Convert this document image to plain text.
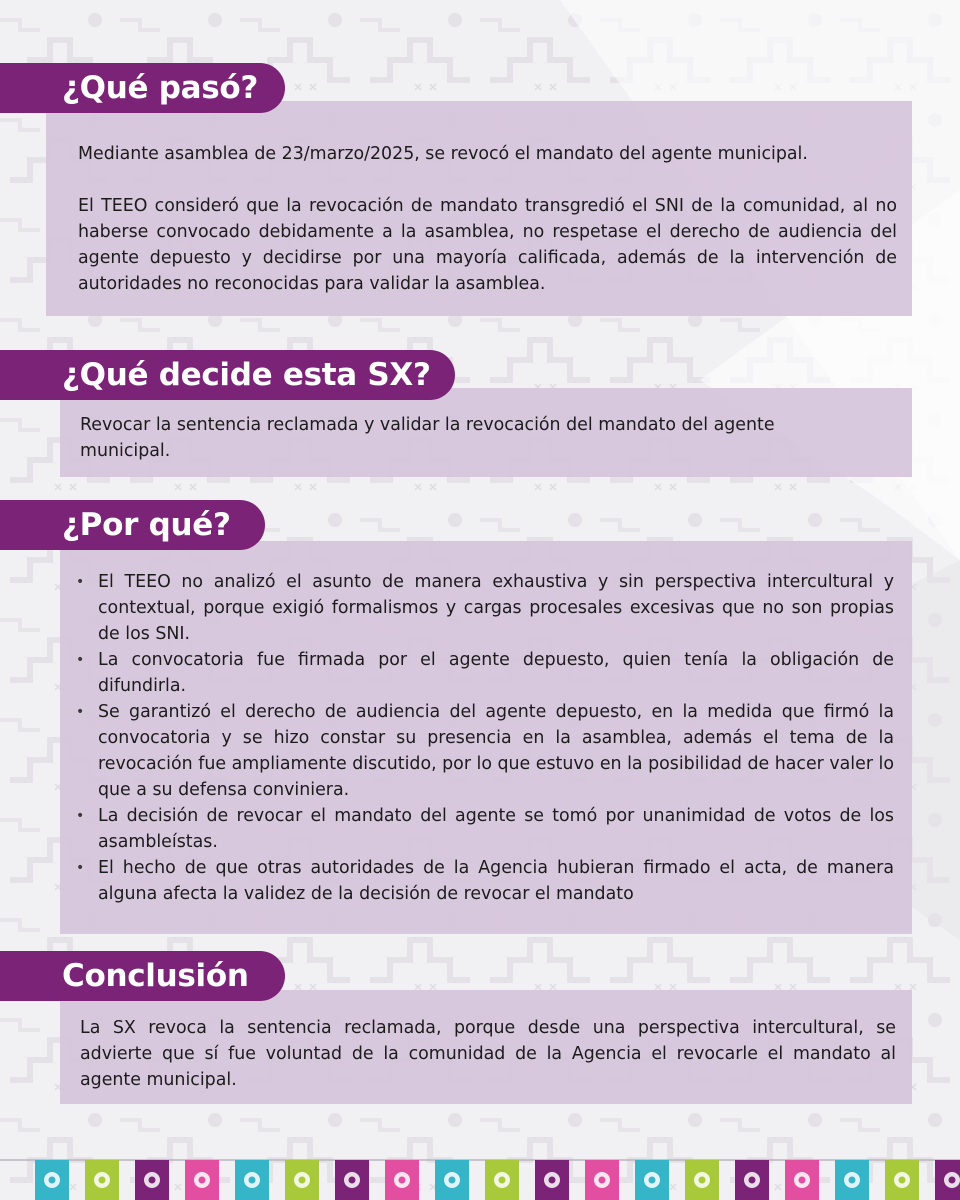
¿Qué pasó?

Mediante asamblea de 23/marzo/2025, se revocó el mandato del agente municipal.

El TEEO consideró que la revocación de mandato transgredió el SNI de la comunidad, al no haberse convocado debidamente a la asamblea, no respetase el derecho de audiencia del agente depuesto y decidirse por una mayoría calificada, además de la intervención de autoridades no reconocidas para validar la asamblea.

¿Qué decide esta SX?

Revocar la sentencia reclamada y validar la revocación del mandato del agente municipal.

¿Por qué?
• El TEEO no analizó el asunto de manera exhaustiva y sin perspectiva intercultural y contextual, porque exigió formalismos y cargas procesales excesivas que no son propias de los SNI.
• La convocatoria fue firmada por el agente depuesto, quien tenía la obligación de difundirla.
• Se garantizó el derecho de audiencia del agente depuesto, en la medida que firmó la convocatoria y se hizo constar su presencia en la asamblea, además el tema de la revocación fue ampliamente discutido, por lo que estuvo en la posibilidad de hacer valer lo que a su defensa conviniera.
• La decisión de revocar el mandato del agente se tomó por unanimidad de votos de los asambleístas.
• El hecho de que otras autoridades de la Agencia hubieran firmado el acta, de manera alguna afecta la validez de la decisión de revocar el mandato
Conclusión

La SX revoca la sentencia reclamada, porque desde una perspectiva intercultural, se advierte que sí fue voluntad de la comunidad de la Agencia el revocarle el mandato al agente municipal.
